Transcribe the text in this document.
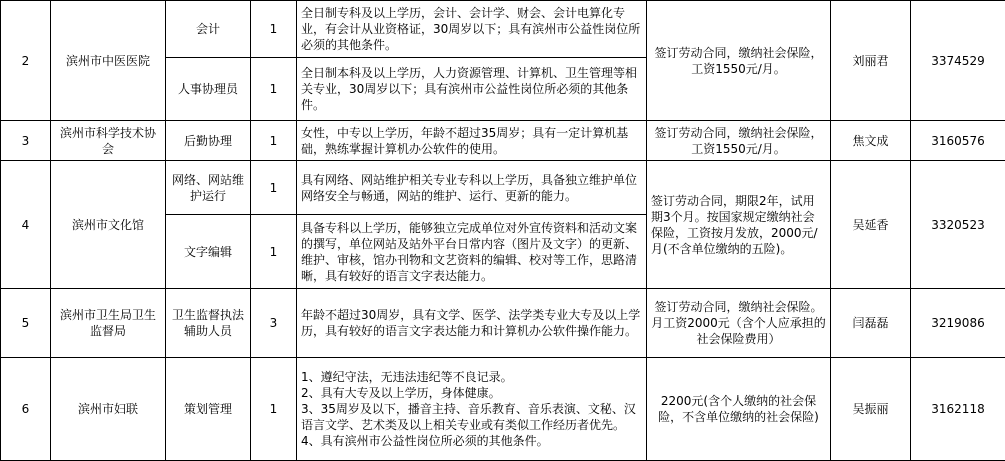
2	滨州市中医医院	会计	1	全日制专科及以上学历，会计、会计学、财会、会计电算化专业，有会计从业资格证，30周岁以下；具有滨州市公益性岗位所必须的其他条件。	签订劳动合同，缴纳社会保险，工资1550元/月。	刘丽君	3374529
		人事协理员	1	全日制本科及以上学历，人力资源管理、计算机、卫生管理等相关专业，30周岁以下；具有滨州市公益性岗位所必须的其他条件。			
3	滨州市科学技术协会	后勤协理	1	女性，中专以上学历，年龄不超过35周岁；具有一定计算机基础，熟练掌握计算机办公软件的使用。	签订劳动合同，缴纳社会保险，工资1550元/月。	焦文成	3160576
4	滨州市文化馆	网络、网站维护运行	1	具有网络、网站维护相关专业专科以上学历，具备独立维护单位网络安全与畅通，网站的维护、运行、更新的能力。	签订劳动合同，期限2年，试用期3个月。按国家规定缴纳社会保险，工资按月发放，2000元/月(不含单位缴纳的五险)。	吴延香	3320523
		文字编辑	1	具备专科以上学历，能够独立完成单位对外宣传资料和活动文案的撰写，单位网站及站外平台日常内容（图片及文字）的更新、维护、审核，馆办刊物和文艺资料的编辑、校对等工作，思路清晰，具有较好的语言文字表达能力。			
5	滨州市卫生局卫生监督局	卫生监督执法辅助人员	3	年龄不超过30周岁，具有文学、医学、法学类专业大专及以上学历，具有较好的语言文字表达能力和计算机办公软件操作能力。	签订劳动合同，缴纳社会保险。月工资2000元（含个人应承担的社会保险费用）	闫磊磊	3219086
6	滨州市妇联	策划管理	1	1、遵纪守法，无违法违纪等不良记录。
2、具有大专及以上学历，身体健康。
3、35周岁及以下，播音主持、音乐教育、音乐表演、文秘、汉语言文学、艺术类及以上相关专业或有类似工作经历者优先。
4、具有滨州市公益性岗位所必须的其他条件。	2200元(含个人缴纳的社会保险，不含单位缴纳的社会保险)	吴振丽	3162118
